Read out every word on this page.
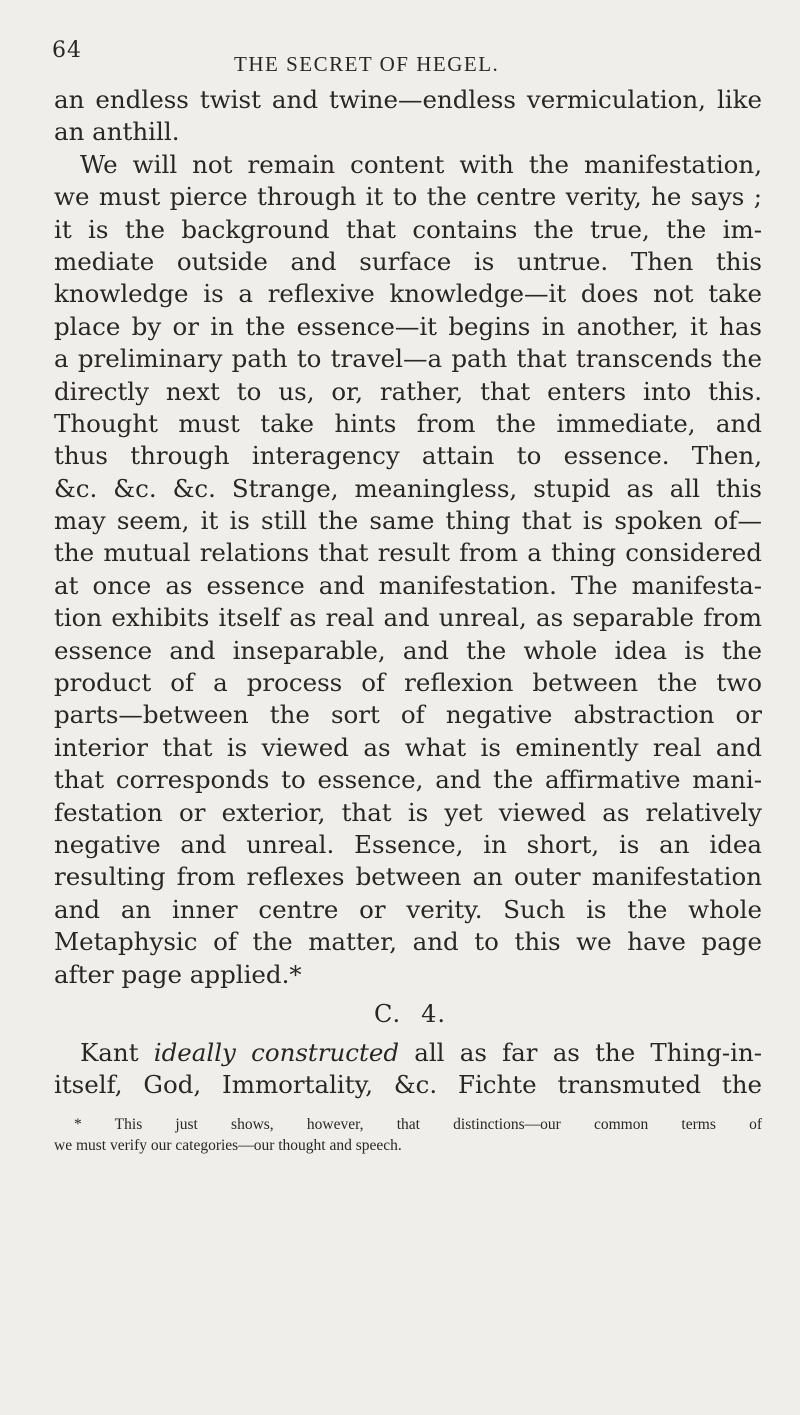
64
THE SECRET OF HEGEL.
an endless twist and twine—endless vermiculation, like
an anthill.
We will not remain content with the manifestation,
we must pierce through it to the centre verity, he says ;
it is the background that contains the true, the im-
mediate outside and surface is untrue. Then this
knowledge is a reflexive knowledge—it does not take
place by or in the essence—it begins in another, it has
a preliminary path to travel—a path that transcends the
directly next to us, or, rather, that enters into this.
Thought must take hints from the immediate, and
thus through interagency attain to essence. Then,
&c. &c. &c. Strange, meaningless, stupid as all this
may seem, it is still the same thing that is spoken of—
the mutual relations that result from a thing considered
at once as essence and manifestation. The manifesta-
tion exhibits itself as real and unreal, as separable from
essence and inseparable, and the whole idea is the
product of a process of reflexion between the two
parts—between the sort of negative abstraction or
interior that is viewed as what is eminently real and
that corresponds to essence, and the affirmative mani-
festation or exterior, that is yet viewed as relatively
negative and unreal. Essence, in short, is an idea
resulting from reflexes between an outer manifestation
and an inner centre or verity. Such is the whole
Metaphysic of the matter, and to this we have page
after page applied.*
C. 4.
Kant ideally constructed all as far as the Thing-in-
itself, God, Immortality, &c. Fichte transmuted the
* This just shows, however, that distinctions—our common terms of
we must verify our categories—our thought and speech.
